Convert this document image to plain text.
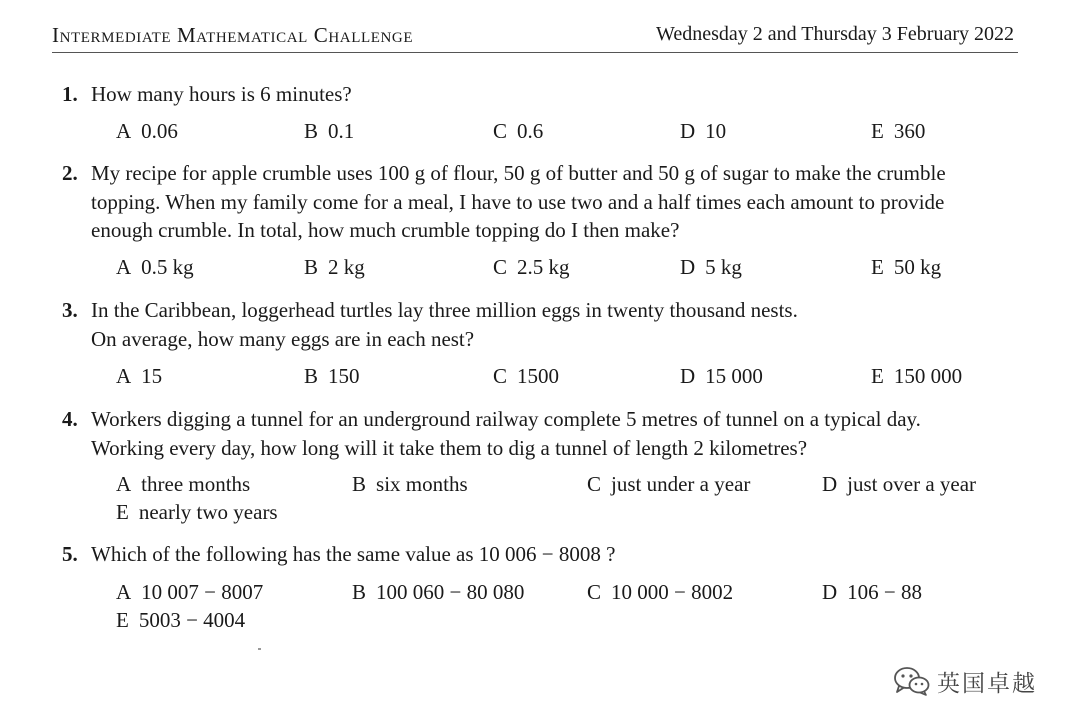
Intermediate Mathematical Challenge	Wednesday 2 and Thursday 3 February 2022
1. How many hours is 6 minutes?
A 0.06	B 0.1	C 0.6	D 10	E 360
2. My recipe for apple crumble uses 100 g of flour, 50 g of butter and 50 g of sugar to make the crumble
topping. When my family come for a meal, I have to use two and a half times each amount to provide
enough crumble. In total, how much crumble topping do I then make?
A 0.5 kg	B 2 kg	C 2.5 kg	D 5 kg	E 50 kg
3. In the Caribbean, loggerhead turtles lay three million eggs in twenty thousand nests.
On average, how many eggs are in each nest?
A 15	B 150	C 1500	D 15 000	E 150 000
4. Workers digging a tunnel for an underground railway complete 5 metres of tunnel on a typical day.
Working every day, how long will it take them to dig a tunnel of length 2 kilometres?
A three months	B six months	C just under a year	D just over a year
E nearly two years
5. Which of the following has the same value as 10 006 − 8008 ?
A 10 007 − 8007	B 100 060 − 80 080	C 10 000 − 8002	D 106 − 88
E 5003 − 4004
英国卓越
